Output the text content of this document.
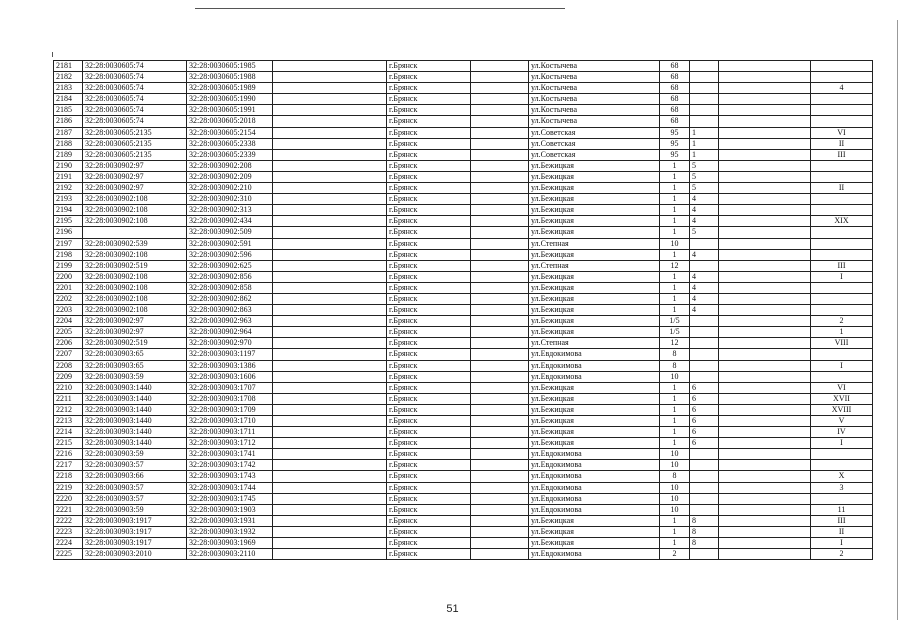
2181	32:28:0030605:74	32:28:0030605:1985		г.Брянск		ул.Костычева	68			
2182	32:28:0030605:74	32:28:0030605:1988		г.Брянск		ул.Костычева	68			
2183	32:28:0030605:74	32:28:0030605:1989		г.Брянск		ул.Костычева	68			4
2184	32:28:0030605:74	32:28:0030605:1990		г.Брянск		ул.Костычева	68			
2185	32:28:0030605:74	32:28:0030605:1991		г.Брянск		ул.Костычева	68			
2186	32:28:0030605:74	32:28:0030605:2018		г.Брянск		ул.Костычева	68			
2187	32:28:0030605:2135	32:28:0030605:2154		г.Брянск		ул.Советская	95	1		VI
2188	32:28:0030605:2135	32:28:0030605:2338		г.Брянск		ул.Советская	95	1		II
2189	32:28:0030605:2135	32:28:0030605:2339		г.Брянск		ул.Советская	95	1		III
2190	32:28:0030902:97	32:28:0030902:208		г.Брянск		ул.Бежицкая	1	5		
2191	32:28:0030902:97	32:28:0030902:209		г.Брянск		ул.Бежицкая	1	5		
2192	32:28:0030902:97	32:28:0030902:210		г.Брянск		ул.Бежицкая	1	5		II
2193	32:28:0030902:108	32:28:0030902:310		г.Брянск		ул.Бежицкая	1	4		
2194	32:28:0030902:108	32:28:0030902:313		г.Брянск		ул.Бежицкая	1	4		
2195	32:28:0030902:108	32:28:0030902:434		г.Брянск		ул.Бежицкая	1	4		XIX
2196		32:28:0030902:509		г.Брянск		ул.Бежицкая	1	5		
2197	32:28:0030902:539	32:28:0030902:591		г.Брянск		ул.Степная	10			
2198	32:28:0030902:108	32:28:0030902:596		г.Брянск		ул.Бежицкая	1	4		
2199	32:28:0030902:519	32:28:0030902:625		г.Брянск		ул.Степная	12			III
2200	32:28:0030902:108	32:28:0030902:856		г.Брянск		ул.Бежицкая	1	4		I
2201	32:28:0030902:108	32:28:0030902:858		г.Брянск		ул.Бежицкая	1	4		
2202	32:28:0030902:108	32:28:0030902:862		г.Брянск		ул.Бежицкая	1	4		
2203	32:28:0030902:108	32:28:0030902:863		г.Брянск		ул.Бежицкая	1	4		
2204	32:28:0030902:97	32:28:0030902:963		г.Брянск		ул.Бежицкая	1/5			2
2205	32:28:0030902:97	32:28:0030902:964		г.Брянск		ул.Бежицкая	1/5			1
2206	32:28:0030902:519	32:28:0030902:970		г.Брянск		ул.Степная	12			VIII
2207	32:28:0030903:65	32:28:0030903:1197		г.Брянск		ул.Евдокимова	8			
2208	32:28:0030903:65	32:28:0030903:1386		г.Брянск		ул.Евдокимова	8			I
2209	32:28:0030903:59	32:28:0030903:1606		г.Брянск		ул.Евдокимова	10			
2210	32:28:0030903:1440	32:28:0030903:1707		г.Брянск		ул.Бежицкая	1	6		VI
2211	32:28:0030903:1440	32:28:0030903:1708		г.Брянск		ул.Бежицкая	1	6		XVII
2212	32:28:0030903:1440	32:28:0030903:1709		г.Брянск		ул.Бежицкая	1	6		XVIII
2213	32:28:0030903:1440	32:28:0030903:1710		г.Брянск		ул.Бежицкая	1	6		V
2214	32:28:0030903:1440	32:28:0030903:1711		г.Брянск		ул.Бежицкая	1	6		IV
2215	32:28:0030903:1440	32:28:0030903:1712		г.Брянск		ул.Бежицкая	1	6		I
2216	32:28:0030903:59	32:28:0030903:1741		г.Брянск		ул.Евдокимова	10			
2217	32:28:0030903:57	32:28:0030903:1742		г.Брянск		ул.Евдокимова	10			
2218	32:28:0030903:66	32:28:0030903:1743		г.Брянск		ул.Евдокимова	8			X
2219	32:28:0030903:57	32:28:0030903:1744		г.Брянск		ул.Евдокимова	10			3
2220	32:28:0030903:57	32:28:0030903:1745		г.Брянск		ул.Евдокимова	10			
2221	32:28:0030903:59	32:28:0030903:1903		г.Брянск		ул.Евдокимова	10			11
2222	32:28:0030903:1917	32:28:0030903:1931		г.Брянск		ул.Бежицкая	1	8		III
2223	32:28:0030903:1917	32:28:0030903:1932		г.Брянск		ул.Бежицкая	1	8		II
2224	32:28:0030903:1917	32:28:0030903:1969		г.Брянск		ул.Бежицкая	1	8		I
2225	32:28:0030903:2010	32:28:0030903:2110		г.Брянск		ул.Евдокимова	2			2
51
